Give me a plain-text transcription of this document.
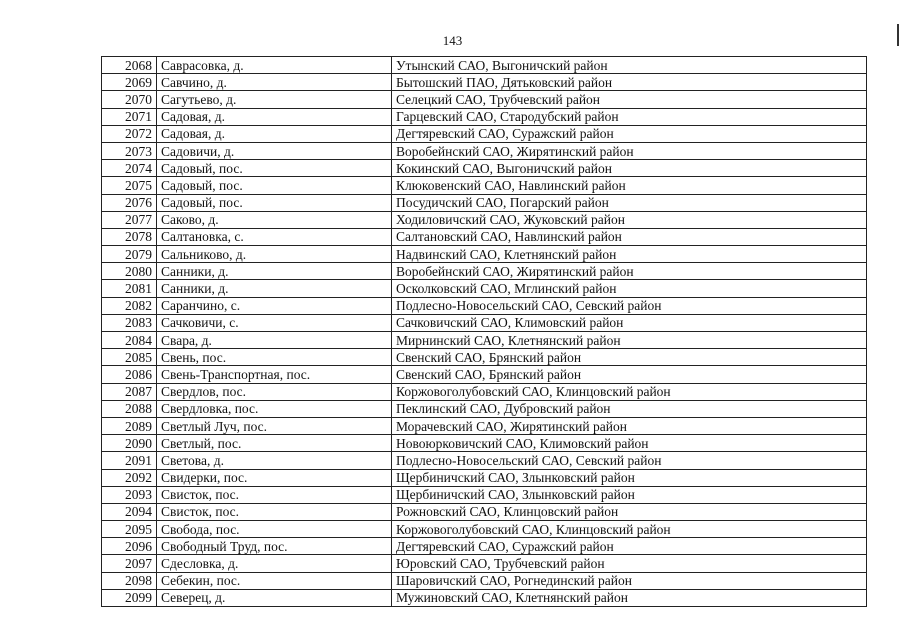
143
2068	Саврасовка, д.	Утынский САО, Выгоничский район
2069	Савчино, д.	Бытошский ПАО, Дятьковский район
2070	Сагутьево, д.	Селецкий САО, Трубчевский район
2071	Садовая, д.	Гарцевский САО, Стародубский район
2072	Садовая, д.	Дегтяревский САО, Суражский район
2073	Садовичи, д.	Воробейнский САО, Жирятинский район
2074	Садовый, пос.	Кокинский САО, Выгоничский район
2075	Садовый, пос.	Клюковенский САО, Навлинский район
2076	Садовый, пос.	Посудичский САО, Погарский район
2077	Саково, д.	Ходиловичский САО, Жуковский район
2078	Салтановка, с.	Салтановский САО, Навлинский район
2079	Сальниково, д.	Надвинский САО, Клетнянский район
2080	Санники, д.	Воробейнский САО, Жирятинский район
2081	Санники, д.	Осколковский САО, Мглинский район
2082	Саранчино, с.	Подлесно-Новосельский САО, Севский район
2083	Сачковичи, с.	Сачковичский САО, Климовский район
2084	Свара, д.	Мирнинский САО, Клетнянский район
2085	Свень, пос.	Свенский САО, Брянский район
2086	Свень-Транспортная, пос.	Свенский САО, Брянский район
2087	Свердлов, пос.	Коржовоголубовский САО, Клинцовский район
2088	Свердловка, пос.	Пеклинский САО, Дубровский район
2089	Светлый Луч, пос.	Морачевский САО, Жирятинский район
2090	Светлый, пос.	Новоюрковичский САО, Климовский район
2091	Светова, д.	Подлесно-Новосельский САО, Севский район
2092	Свидерки, пос.	Щербиничский САО, Злынковский район
2093	Свисток, пос.	Щербиничский САО, Злынковский район
2094	Свисток, пос.	Рожновский САО, Клинцовский район
2095	Свобода, пос.	Коржовоголубовский САО, Клинцовский район
2096	Свободный Труд, пос.	Дегтяревский САО, Суражский район
2097	Сдесловка, д.	Юровский САО, Трубчевский район
2098	Себекин, пос.	Шаровичский САО, Рогнединский район
2099	Северец, д.	Мужиновский САО, Клетнянский район
